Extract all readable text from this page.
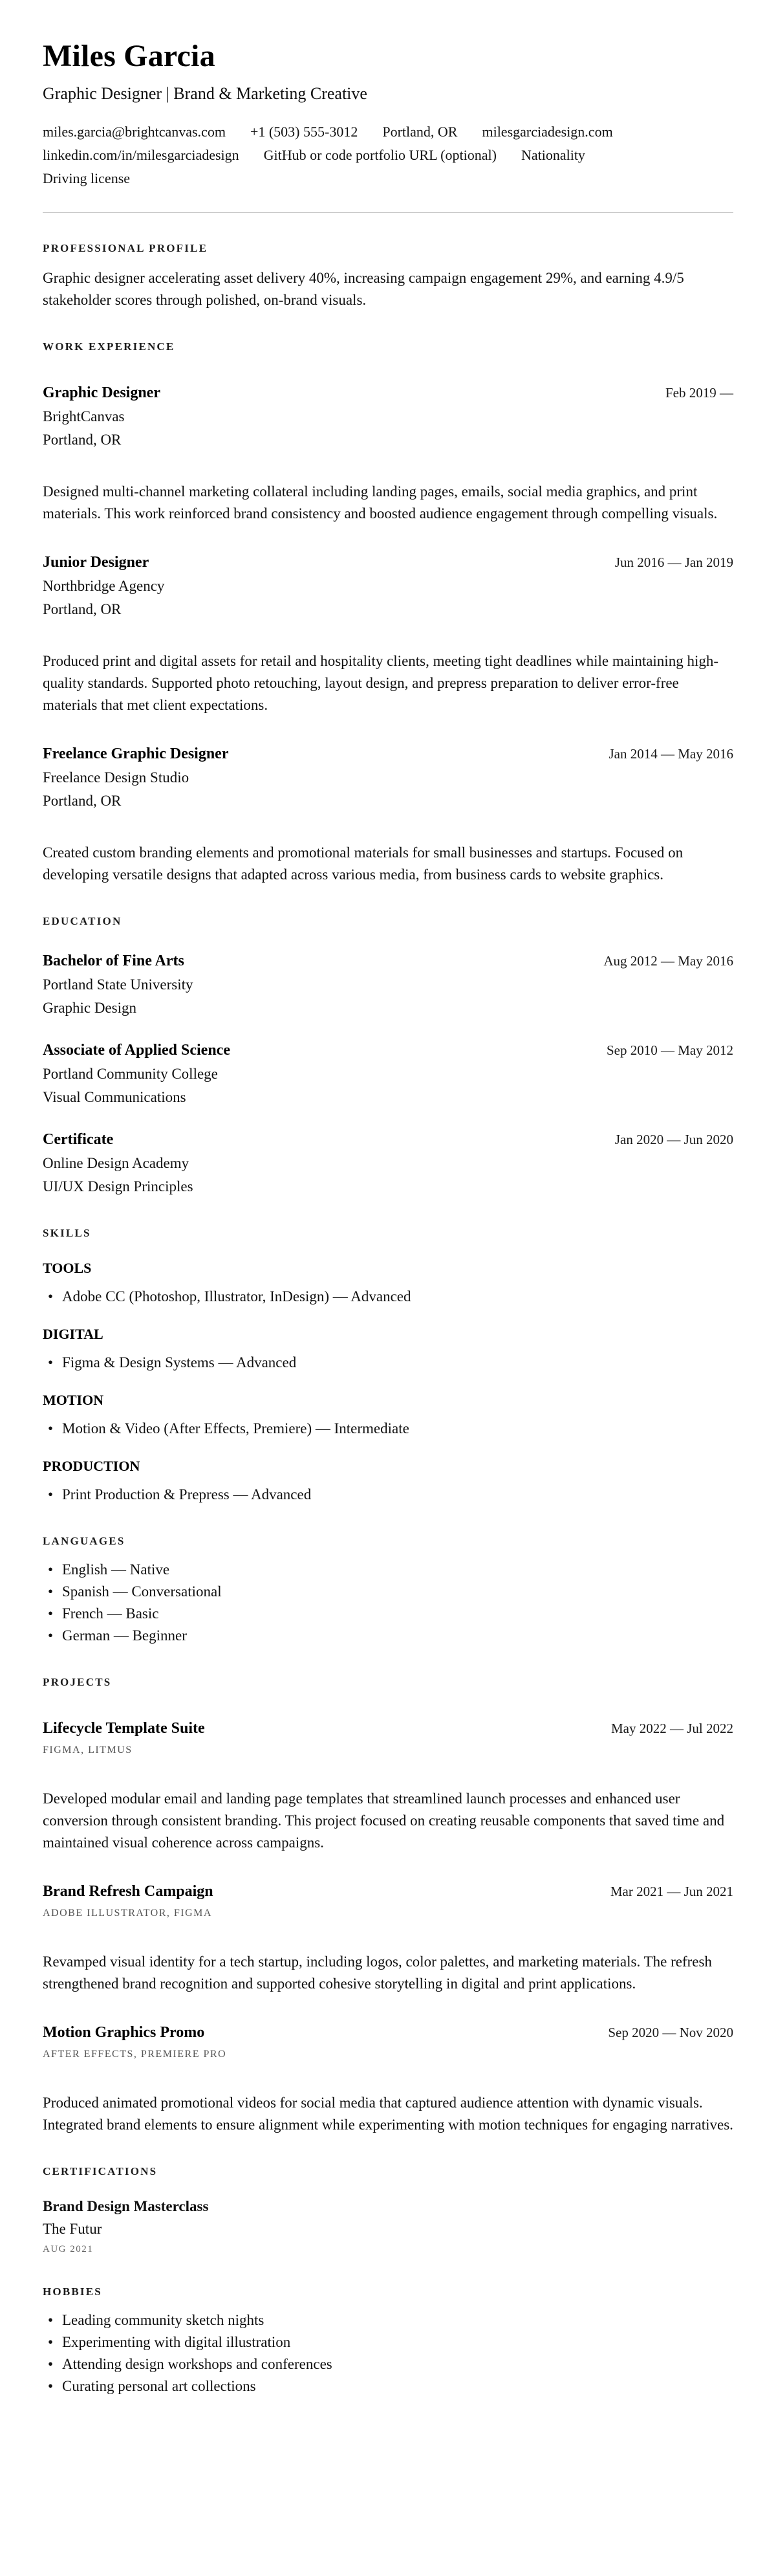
Miles Garcia
Graphic Designer | Brand & Marketing Creative
miles.garcia@brightcanvas.com +1 (503) 555-3012 Portland, OR milesgarciadesign.com
linkedin.com/in/milesgarciadesign GitHub or code portfolio URL (optional) Nationality
Driving license
PROFESSIONAL PROFILE

Graphic designer accelerating asset delivery 40%, increasing campaign engagement 29%, and earning 4.9/5 stakeholder scores through polished, on-brand visuals.

WORK EXPERIENCE
Graphic Designer	Feb 2019 —
BrightCanvas
Portland, OR

Designed multi-channel marketing collateral including landing pages, emails, social media graphics, and print materials. This work reinforced brand consistency and boosted audience engagement through compelling visuals.

Junior Designer	Jun 2016 — Jan 2019
Northbridge Agency
Portland, OR

Produced print and digital assets for retail and hospitality clients, meeting tight deadlines while maintaining high-quality standards. Supported photo retouching, layout design, and prepress preparation to deliver error-free materials that met client expectations.

Freelance Graphic Designer	Jan 2014 — May 2016
Freelance Design Studio
Portland, OR

Created custom branding elements and promotional materials for small businesses and startups. Focused on developing versatile designs that adapted across various media, from business cards to website graphics.

EDUCATION
Bachelor of Fine Arts	Aug 2012 — May 2016
Portland State University
Graphic Design
Associate of Applied Science	Sep 2010 — May 2012
Portland Community College
Visual Communications
Certificate	Jan 2020 — Jun 2020
Online Design Academy
UI/UX Design Principles
SKILLS
TOOLS
• Adobe CC (Photoshop, Illustrator, InDesign) — Advanced
DIGITAL
• Figma & Design Systems — Advanced
MOTION
• Motion & Video (After Effects, Premiere) — Intermediate
PRODUCTION
• Print Production & Prepress — Advanced
LANGUAGES
• English — Native
• Spanish — Conversational
• French — Basic
• German — Beginner
PROJECTS
Lifecycle Template Suite	May 2022 — Jul 2022
FIGMA, LITMUS

Developed modular email and landing page templates that streamlined launch processes and enhanced user conversion through consistent branding. This project focused on creating reusable components that saved time and maintained visual coherence across campaigns.

Brand Refresh Campaign	Mar 2021 — Jun 2021
ADOBE ILLUSTRATOR, FIGMA

Revamped visual identity for a tech startup, including logos, color palettes, and marketing materials. The refresh strengthened brand recognition and supported cohesive storytelling in digital and print applications.

Motion Graphics Promo	Sep 2020 — Nov 2020
AFTER EFFECTS, PREMIERE PRO

Produced animated promotional videos for social media that captured audience attention with dynamic visuals. Integrated brand elements to ensure alignment while experimenting with motion techniques for engaging narratives.

CERTIFICATIONS
Brand Design Masterclass
The Futur
AUG 2021
HOBBIES
• Leading community sketch nights
• Experimenting with digital illustration
• Attending design workshops and conferences
• Curating personal art collections
